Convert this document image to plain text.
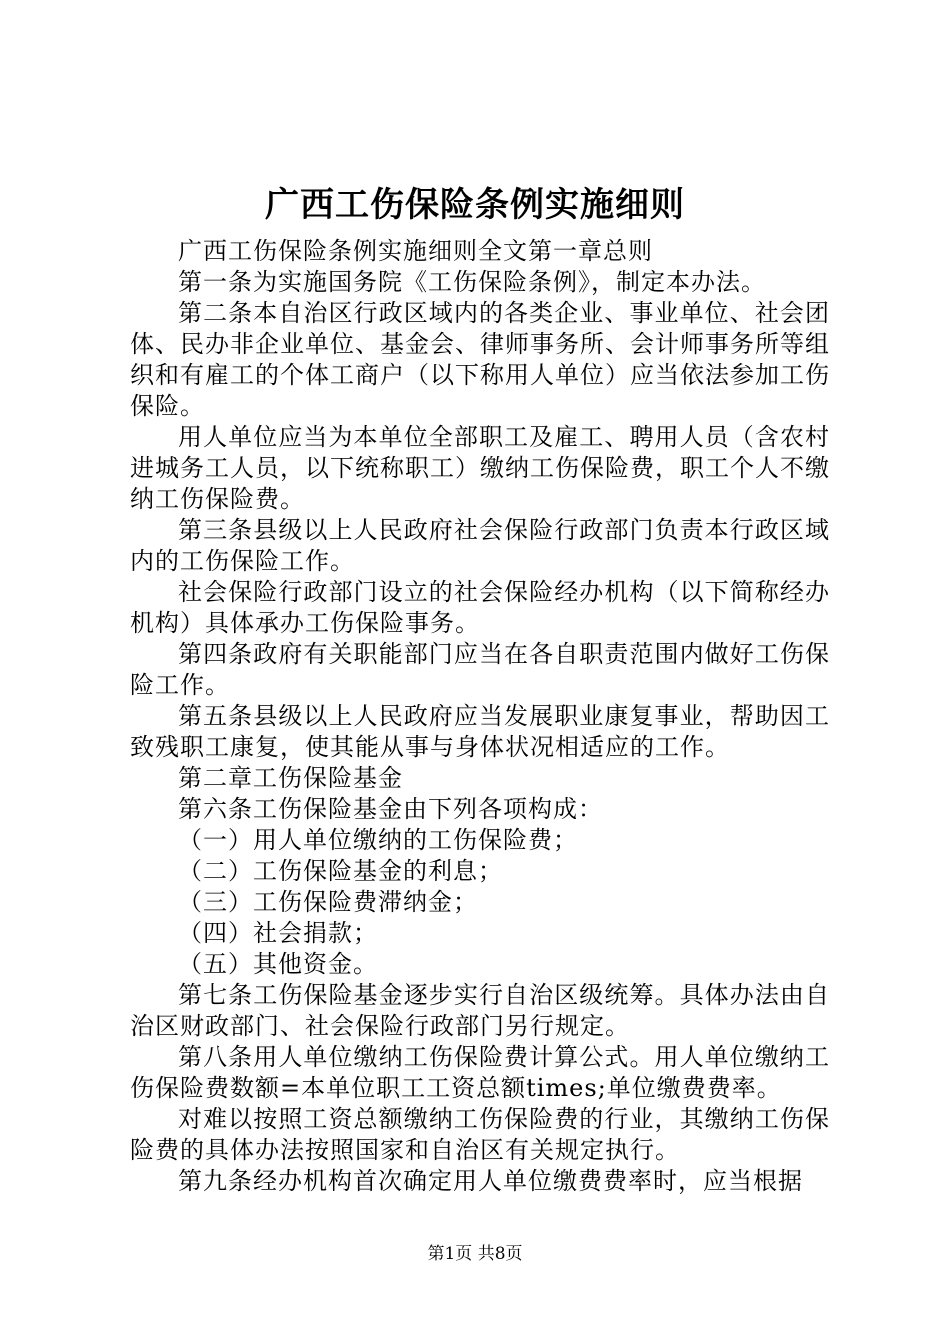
广西工伤保险条例实施细则

广西工伤保险条例实施细则全文第一章总则

第一条为实施国务院《工伤保险条例》，制定本办法。

第二条本自治区行政区域内的各类企业、事业单位、社会团体、民办非企业单位、基金会、律师事务所、会计师事务所等组织和有雇工的个体工商户（以下称用人单位）应当依法参加工伤保险。

用人单位应当为本单位全部职工及雇工、聘用人员（含农村进城务工人员，以下统称职工）缴纳工伤保险费，职工个人不缴纳工伤保险费。

第三条县级以上人民政府社会保险行政部门负责本行政区域内的工伤保险工作。

社会保险行政部门设立的社会保险经办机构（以下简称经办机构）具体承办工伤保险事务。

第四条政府有关职能部门应当在各自职责范围内做好工伤保险工作。

第五条县级以上人民政府应当发展职业康复事业，帮助因工致残职工康复，使其能从事与身体状况相适应的工作。

第二章工伤保险基金

第六条工伤保险基金由下列各项构成：

（一）用人单位缴纳的工伤保险费；

（二）工伤保险基金的利息；

（三）工伤保险费滞纳金；

（四）社会捐款；

（五）其他资金。

第七条工伤保险基金逐步实行自治区级统筹。具体办法由自治区财政部门、社会保险行政部门另行规定。

第八条用人单位缴纳工伤保险费计算公式。用人单位缴纳工伤保险费数额=本单位职工工资总额times;单位缴费费率。

对难以按照工资总额缴纳工伤保险费的行业，其缴纳工伤保险费的具体办法按照国家和自治区有关规定执行。

第九条经办机构首次确定用人单位缴费费率时，应当根据

第1页 共8页
